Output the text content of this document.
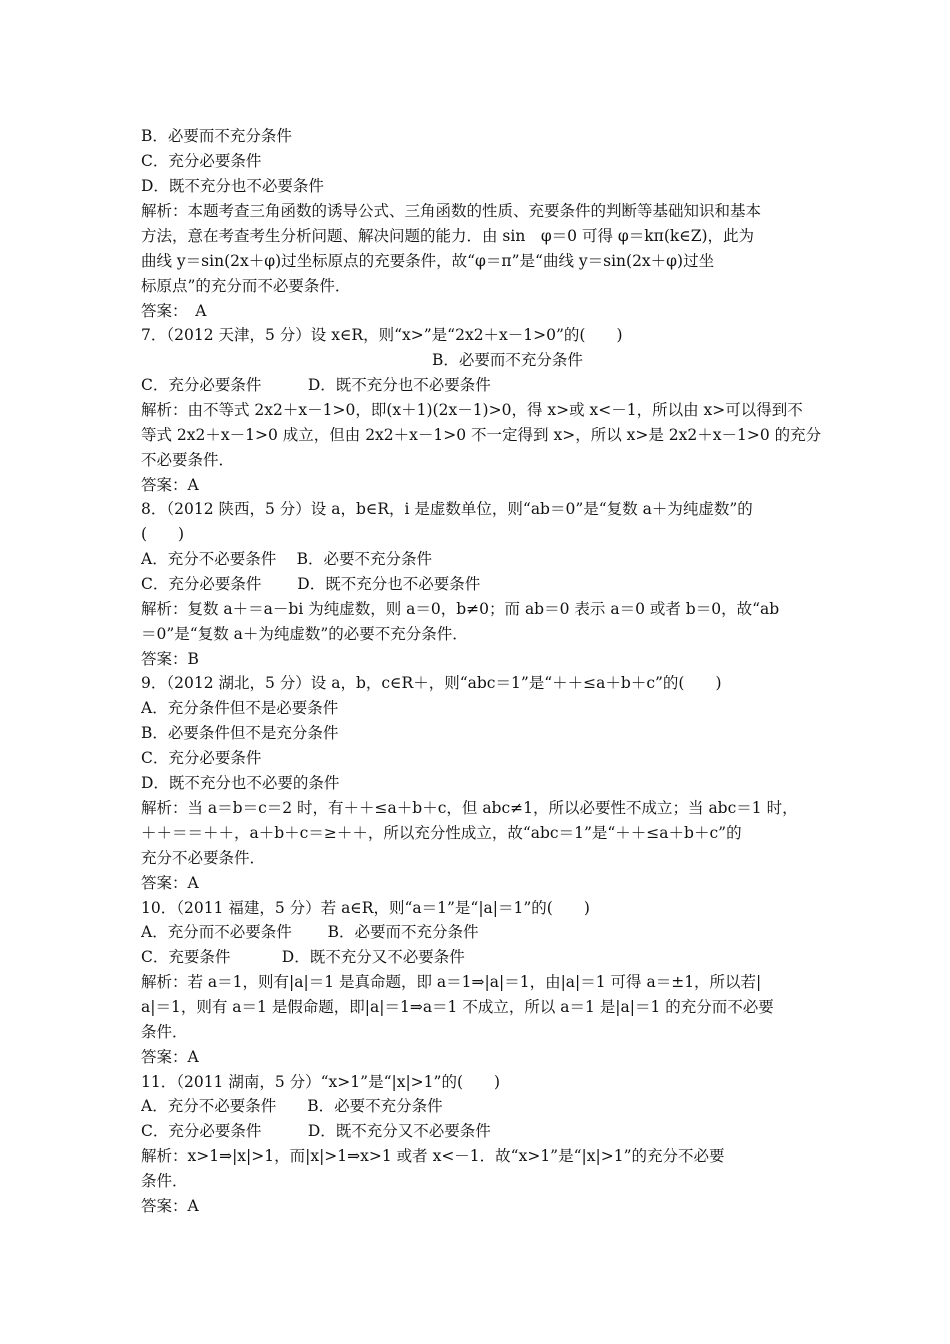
B．必要而不充分条件
C．充分必要条件
D．既不充分也不必要条件
解析：本题考查三角函数的诱导公式、三角函数的性质、充要条件的判断等基础知识和基本
方法，意在考查考生分析问题、解决问题的能力．由 sin　φ＝0 可得 φ＝kπ(k∈Z)，此为
曲线 y＝sin(2x＋φ)过坐标原点的充要条件，故“φ＝π”是“曲线 y＝sin(2x＋φ)过坐
标原点”的充分而不必要条件．
答案：　A
7．（2012 天津，5 分）设 x∈R，则“x>”是“2x2＋x－1>0”的(　　)

B．必要而不充分条件

C．充分必要条件　　　D．既不充分也不必要条件
解析：由不等式 2x2＋x－1>0，即(x＋1)(2x－1)>0，得 x>或 x<－1，所以由 x>可以得到不
等式 2x2＋x－1>0 成立，但由 2x2＋x－1>0 不一定得到 x>，所以 x>是 2x2＋x－1>0 的充分
不必要条件．
答案：A
8．（2012 陕西，5 分）设 a，b∈R，i 是虚数单位，则“ab＝0”是“复数 a＋为纯虚数”的
(　　)
A．充分不必要条件　 B．必要不充分条件
C．充分必要条件　　 D．既不充分也不必要条件
解析：复数 a＋＝a－bi 为纯虚数，则 a＝0，b≠0；而 ab＝0 表示 a＝0 或者 b＝0，故“ab
＝0”是“复数 a＋为纯虚数”的必要不充分条件．
答案：B
9．（2012 湖北，5 分）设 a，b，c∈R＋，则“abc＝1”是“＋＋≤a＋b＋c”的(　　)
A．充分条件但不是必要条件
B．必要条件但不是充分条件
C．充分必要条件
D．既不充分也不必要的条件
解析：当 a＝b＝c＝2 时，有＋＋≤a＋b＋c，但 abc≠1，所以必要性不成立；当 abc＝1 时，
＋＋＝＝＋＋，a＋b＋c＝≥＋＋，所以充分性成立，故“abc＝1”是“＋＋≤a＋b＋c”的
充分不必要条件．
答案：A
10．（2011 福建，5 分）若 a∈R，则“a＝1”是“|a|＝1”的(　　)
A．充分而不必要条件　　 B．必要而不充分条件
C．充要条件　　　 D．既不充分又不必要条件
解析：若 a＝1，则有|a|＝1 是真命题，即 a＝1⇒|a|＝1，由|a|＝1 可得 a＝±1，所以若|
a|＝1，则有 a＝1 是假命题，即|a|＝1⇒a＝1 不成立，所以 a＝1 是|a|＝1 的充分而不必要
条件．
答案：A
11．（2011 湖南，5 分）“x>1”是“|x|>1”的(　　)
A．充分不必要条件　　B．必要不充分条件
C．充分必要条件　　　D．既不充分又不必要条件
解析：x>1⇒|x|>1，而|x|>1⇒x>1 或者 x<－1．故“x>1”是“|x|>1”的充分不必要
条件．
答案：A
